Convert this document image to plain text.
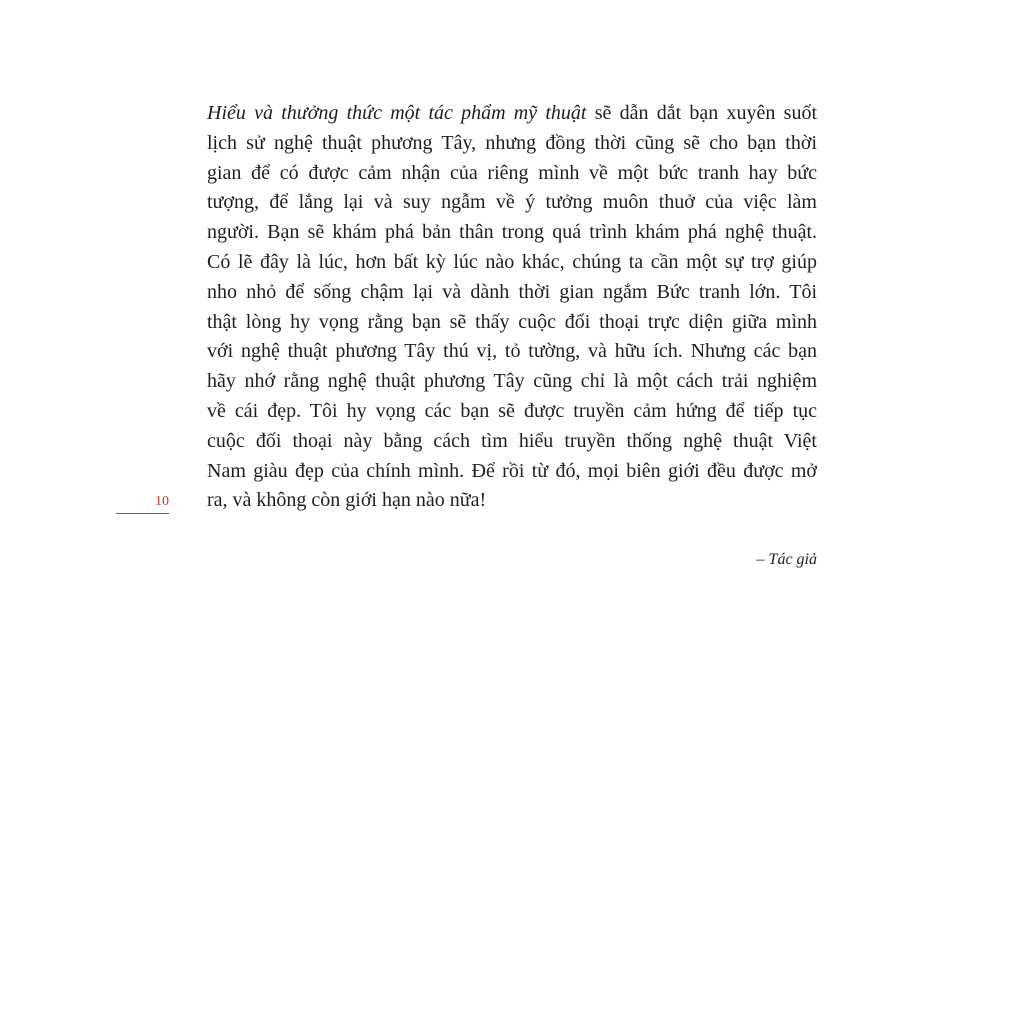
Hiểu và thưởng thức một tác phẩm mỹ thuật sẽ dẫn dắt bạn xuyên suốt
lịch sử nghệ thuật phương Tây, nhưng đồng thời cũng sẽ cho bạn thời
gian để có được cảm nhận của riêng mình về một bức tranh hay bức
tượng, để lắng lại và suy ngẫm về ý tưởng muôn thuở của việc làm
người. Bạn sẽ khám phá bản thân trong quá trình khám phá nghệ thuật.
Có lẽ đây là lúc, hơn bất kỳ lúc nào khác, chúng ta cần một sự trợ giúp
nho nhỏ để sống chậm lại và dành thời gian ngắm Bức tranh lớn. Tôi
thật lòng hy vọng rằng bạn sẽ thấy cuộc đối thoại trực diện giữa mình
với nghệ thuật phương Tây thú vị, tỏ tường, và hữu ích. Nhưng các bạn
hãy nhớ rằng nghệ thuật phương Tây cũng chỉ là một cách trải nghiệm
về cái đẹp. Tôi hy vọng các bạn sẽ được truyền cảm hứng để tiếp tục
cuộc đối thoại này bằng cách tìm hiểu truyền thống nghệ thuật Việt
Nam giàu đẹp của chính mình. Để rồi từ đó, mọi biên giới đều được mở
ra, và không còn giới hạn nào nữa!
10
– Tác giả
